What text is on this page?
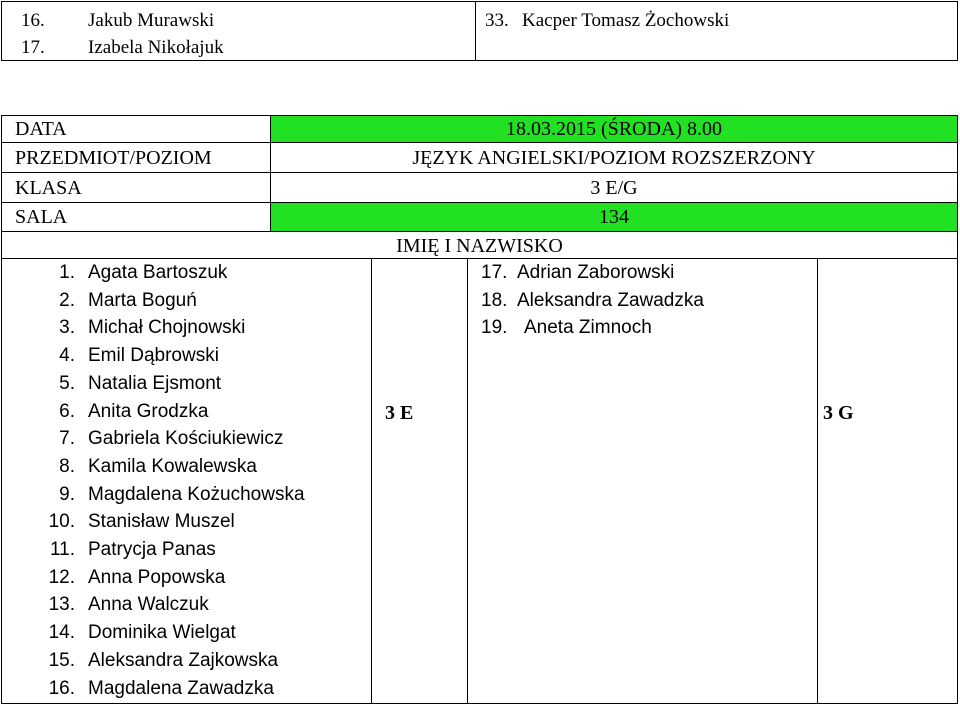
16. Jakub Murawski
17. Izabela Nikołajuk
33. Kacper Tomasz Żochowski
DATA
PRZEDMIOT/POZIOM
KLASA
SALA
18.03.2015 (ŚRODA) 8.00
JĘZYK ANGIELSKI/POZIOM ROZSZERZONY
3 E/G
134
IMIĘ I NAZWISKO
3 E	3 G
1. Agata Bartoszuk
2. Marta Boguń
3. Michał Chojnowski
4. Emil Dąbrowski
5. Natalia Ejsmont
6. Anita Grodzka
7. Gabriela Kościukiewicz
8. Kamila Kowalewska
9. Magdalena Kożuchowska
10. Stanisław Muszel
11. Patrycja Panas
12. Anna Popowska
13. Anna Walczuk
14. Dominika Wielgat
15. Aleksandra Zajkowska
16. Magdalena Zawadzka
17. Adrian Zaborowski
18. Aleksandra Zawadzka
19. Aneta Zimnoch
